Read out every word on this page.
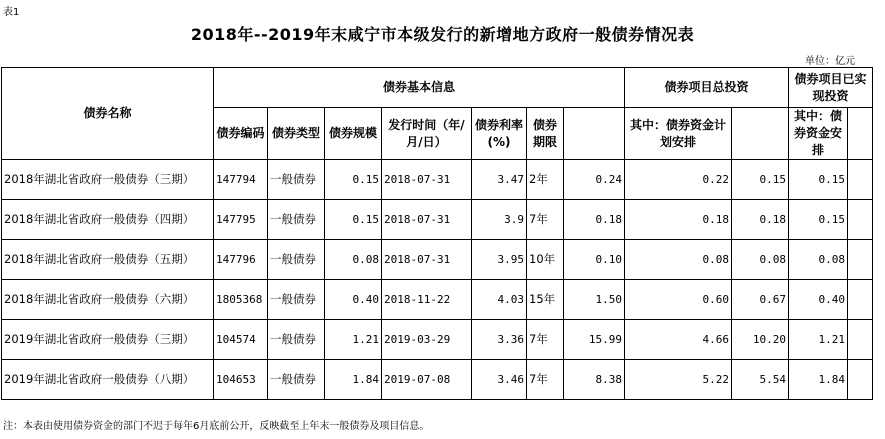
表1
2018年--2019年末咸宁市本级发行的新增地方政府一般债券情况表
单位：亿元
债券名称	债券基本信息							债券项目总投资		债券项目已实现投资	
	债券编码	债券类型	债券规模	发行时间（年/月/日）	债券利率(%)	债券期限		其中：债券资金计划安排		其中：债券资金安排		
2018年湖北省政府一般债券（三期）	147794	一般债券	0.15	2018-07-31	3.47	2年	0.24	0.22	0.15	0.15		
2018年湖北省政府一般债券（四期）	147795	一般债券	0.15	2018-07-31	3.9	7年	0.18	0.18	0.18	0.15		
2018年湖北省政府一般债券（五期）	147796	一般债券	0.08	2018-07-31	3.95	10年	0.10	0.08	0.08	0.08		
2018年湖北省政府一般债券（六期）	1805368	一般债券	0.40	2018-11-22	4.03	15年	1.50	0.60	0.67	0.40		
2019年湖北省政府一般债券（三期）	104574	一般债券	1.21	2019-03-29	3.36	7年	15.99	4.66	10.20	1.21		
2019年湖北省政府一般债券（八期）	104653	一般债券	1.84	2019-07-08	3.46	7年	8.38	5.22	5.54	1.84		
注：本表由使用债券资金的部门不迟于每年6月底前公开，反映截至上年末一般债券及项目信息。
